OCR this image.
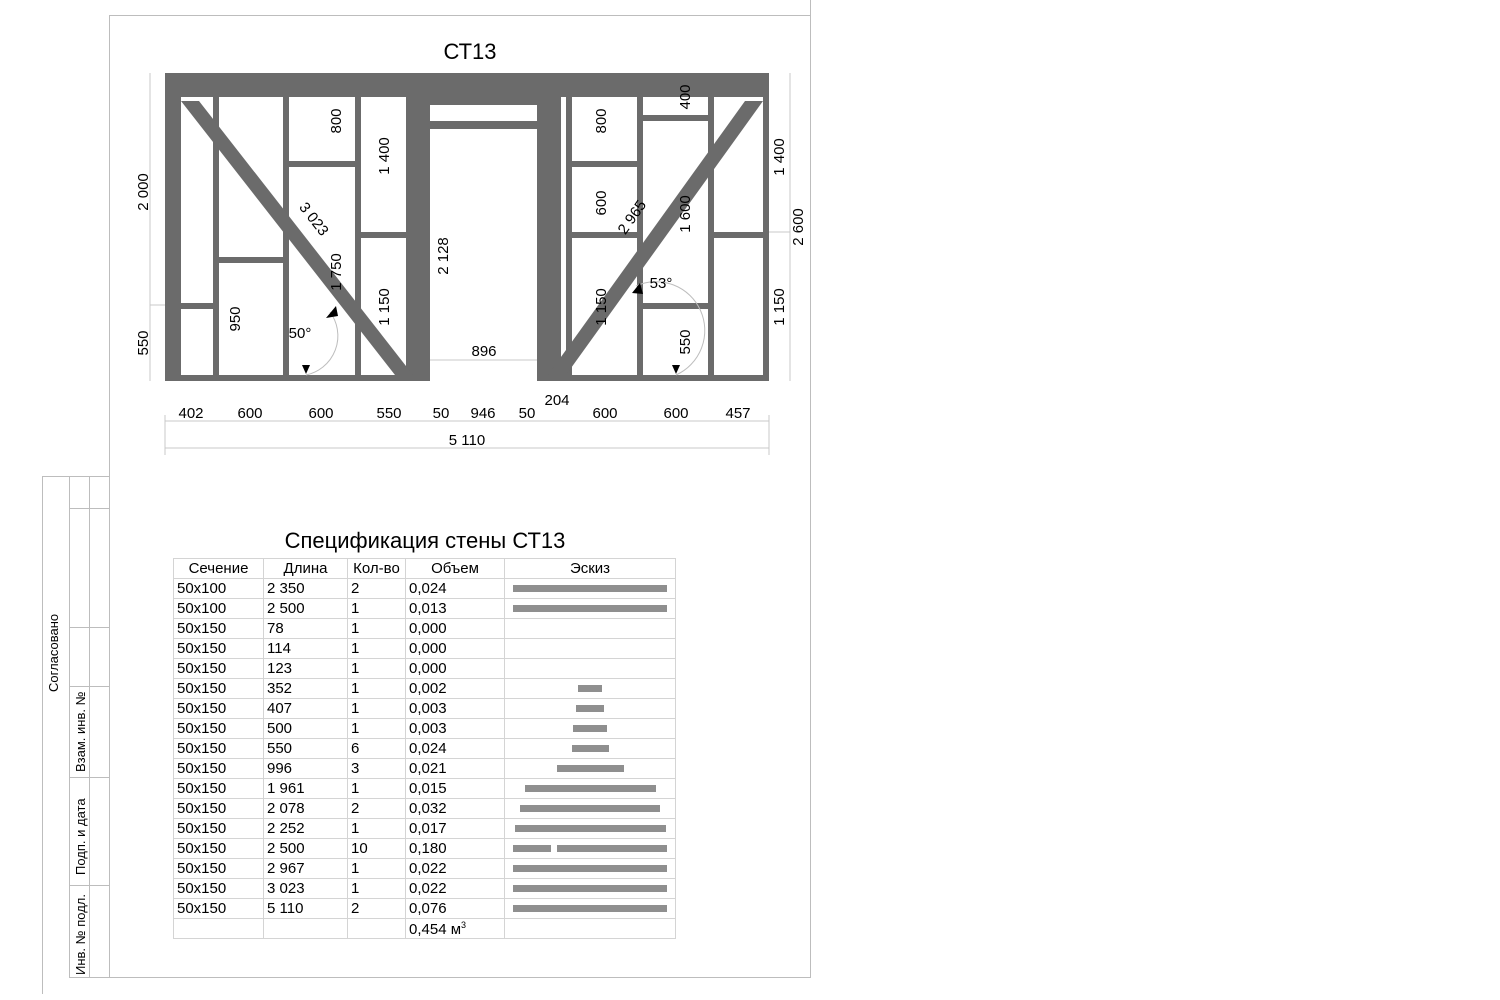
Согласовано
Взам. инв. №
Подп. и дата
Инв. № подл.
СТ13
2 000
550
1 400
2 600
1 150
800
1 400
3 023
1 750
950	1 150
2 128
896
800
400
600 2 965 1 600
1 150
550
50°
53°
204
402 600	600	550 50 946 50	600	600 457
5 110
Спецификация стены СТ13
Сечение	Длина	Кол-во	Объем	Эскиз
50x100	2 350	2	0,024	

50x100	2 500	1	0,013	

50x150	78	1	0,000	
50x150	114	1	0,000	
50x150	123	1	0,000	
50x150	352	1	0,002	

50x150	407	1	0,003	

50x150	500	1	0,003	

50x150	550	6	0,024	

50x150	996	3	0,021	

50x150	1 961	1	0,015	

50x150	2 078	2	0,032	

50x150	2 252	1	0,017	

50x150	2 500	10	0,180	

50x150	2 967	1	0,022	

50x150	3 023	1	0,022	

50x150	5 110	2	0,076	

			0,454 $м^3$	
